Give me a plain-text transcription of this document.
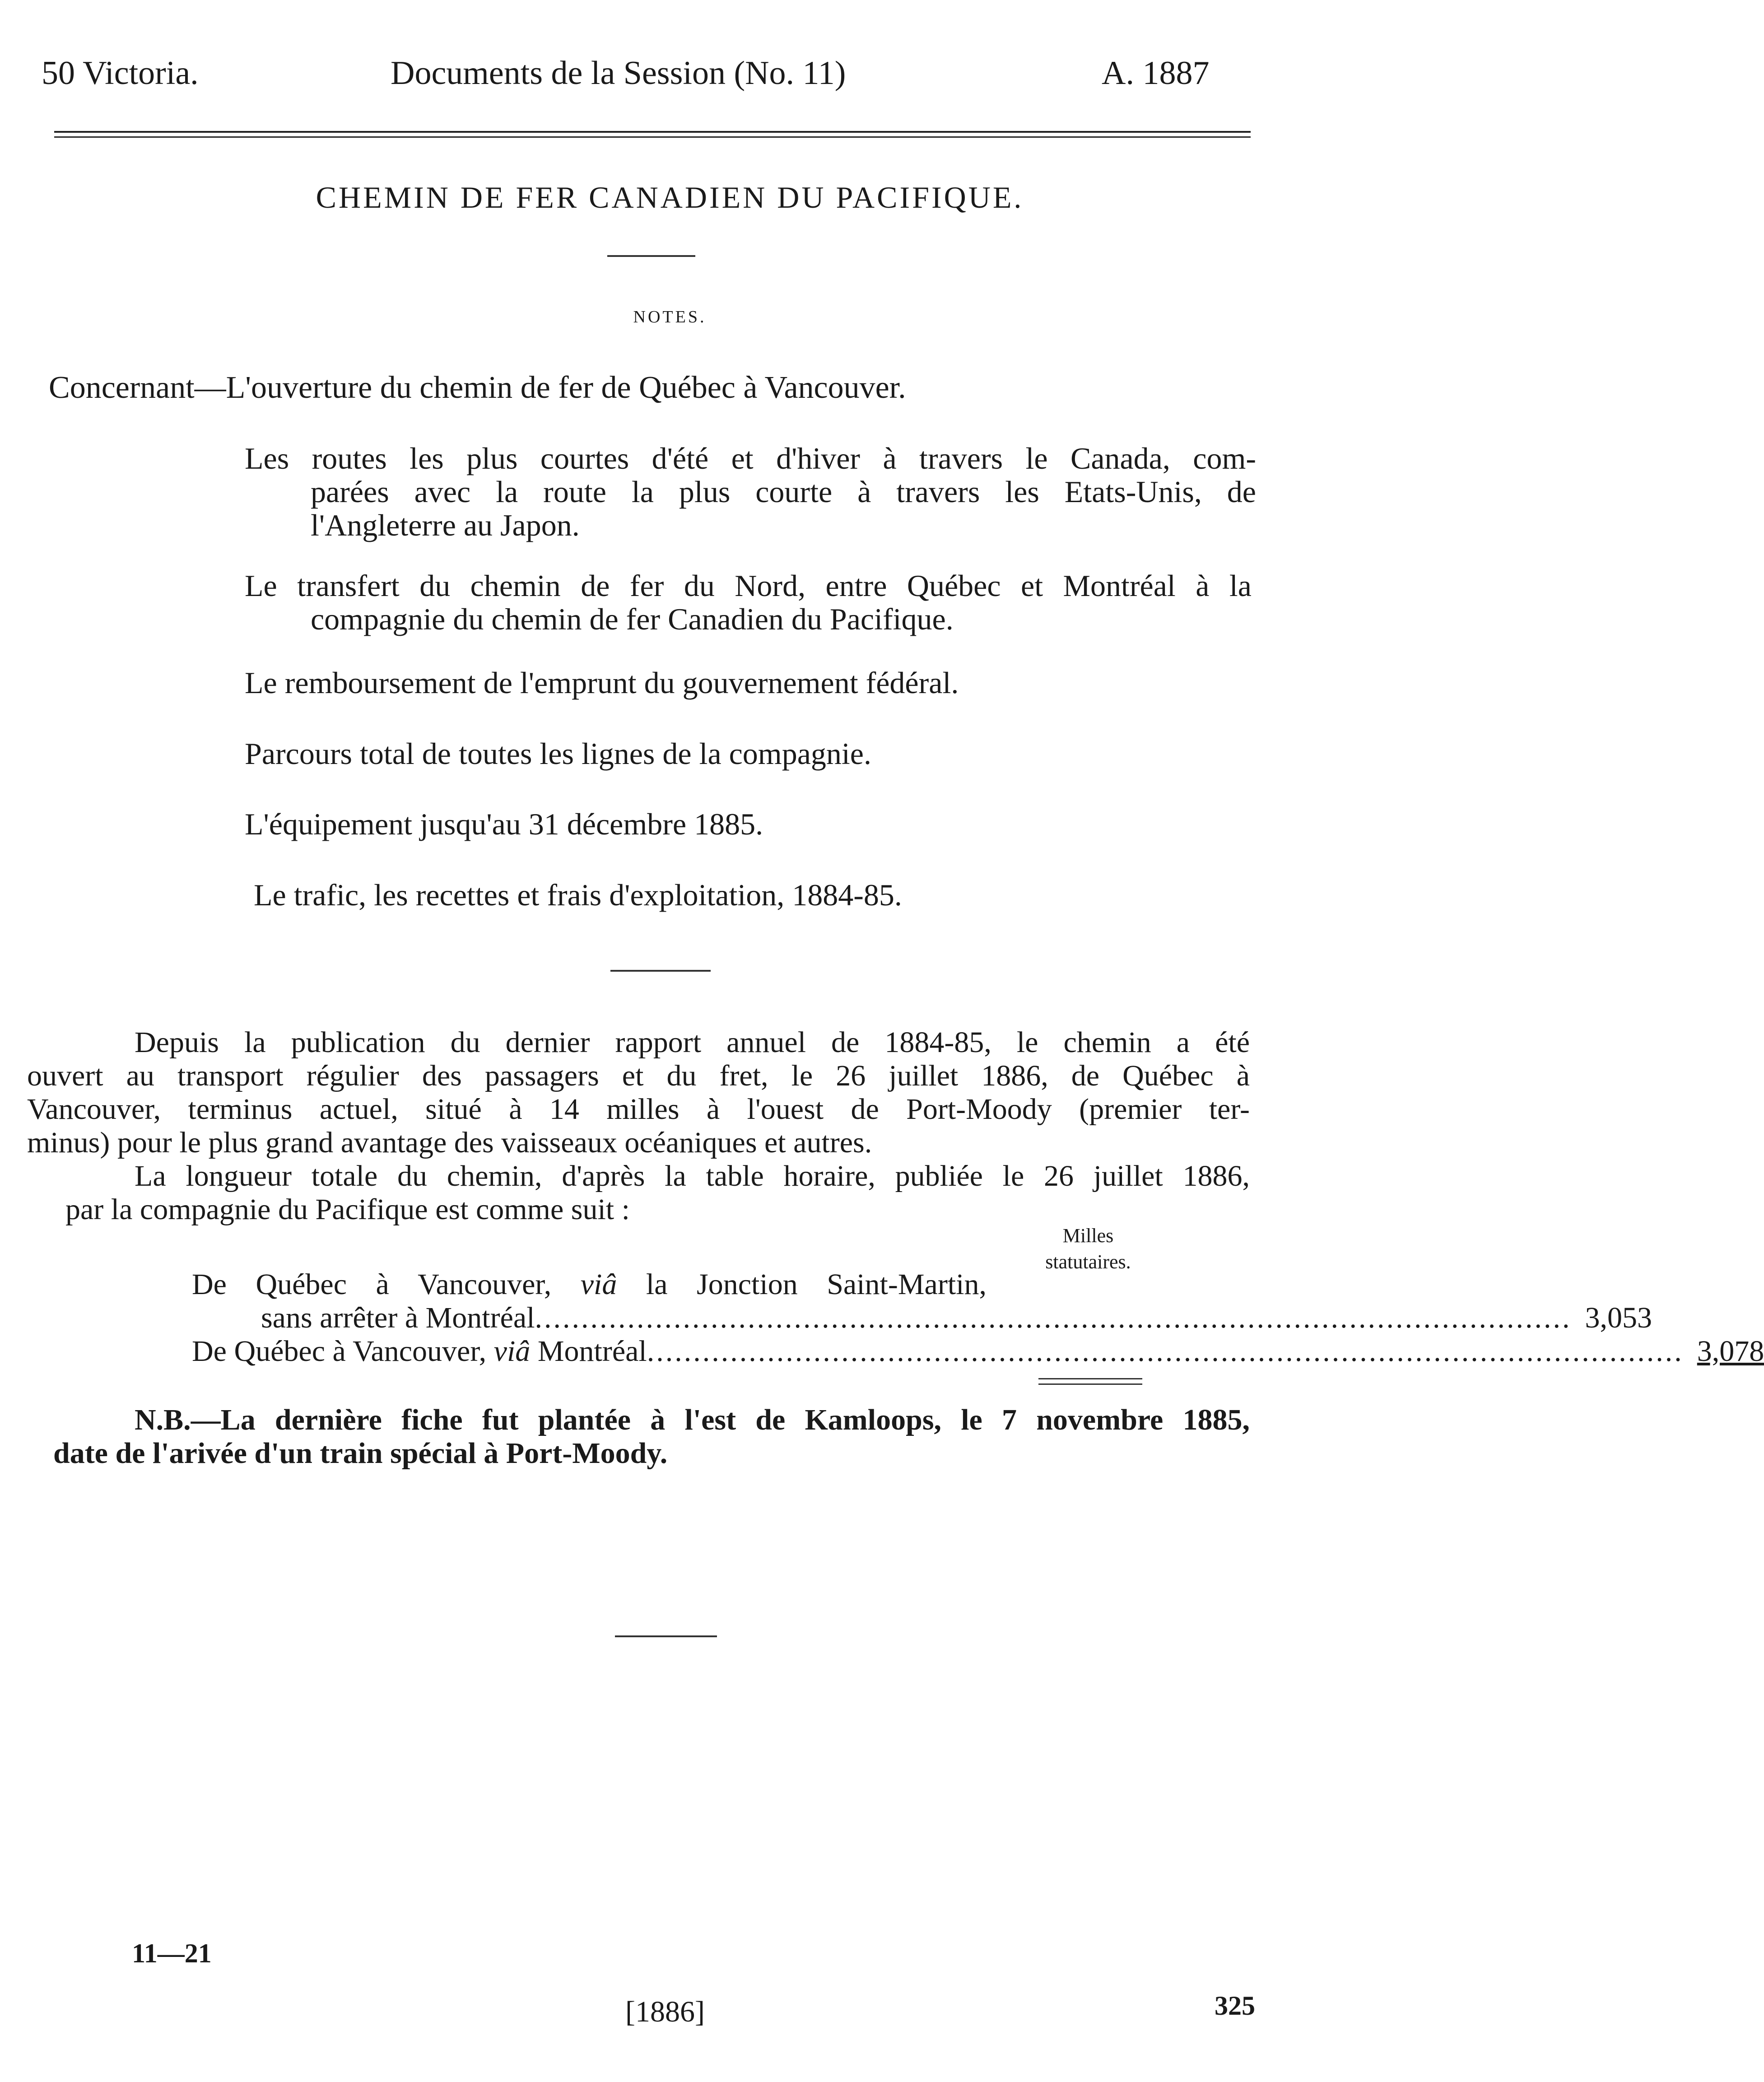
50 Victoria.	Documents de la Session (No. 11)	A. 1887
CHEMIN DE FER CANADIEN DU PACIFIQUE.
NOTES.
Concernant—L'ouverture du chemin de fer de Québec à Vancouver.
Les routes les plus courtes d'été et d'hiver à travers le Canada, com-
parées avec la route la plus courte à travers les Etats-Unis, de
l'Angleterre au Japon.
Le transfert du chemin de fer du Nord, entre Québec et Montréal à la
compagnie du chemin de fer Canadien du Pacifique.
Le remboursement de l'emprunt du gouvernement fédéral.
Parcours total de toutes les lignes de la compagnie.
L'équipement jusqu'au 31 décembre 1885.
Le trafic, les recettes et frais d'exploitation, 1884-85.
Depuis la publication du dernier rapport annuel de 1884-85, le chemin a été
ouvert au transport régulier des passagers et du fret, le 26 juillet 1886, de Québec à
Vancouver, terminus actuel, situé à 14 milles à l'ouest de Port-Moody (premier ter-
minus) pour le plus grand avantage des vaisseaux océaniques et autres.
La longueur totale du chemin, d'après la table horaire, publiée le 26 juillet 1886,
par la compagnie du Pacifique est comme suit :
Milles
statutaires.
De Québec à Vancouver, viâ la Jonction Saint-Martin,
sans arrêter à Montréal ................................................................................................................ 3,053
De Québec à Vancouver, viâ Montréal ................................................................................................................ 3,078
N.B.—La dernière fiche fut plantée à l'est de Kamloops, le 7 novembre 1885,
date de l'arivée d'un train spécial à Port-Moody.
11—21
[1886]	325
